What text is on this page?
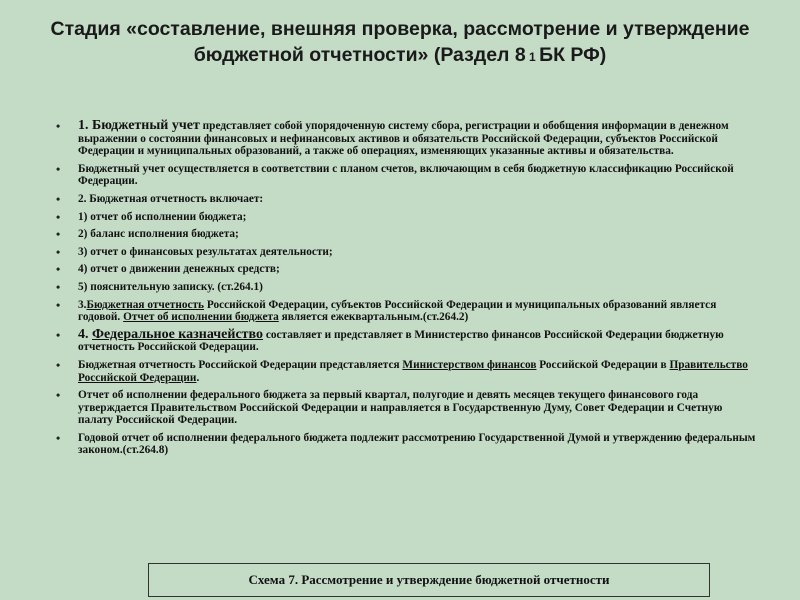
Стадия «составление, внешняя проверка, рассмотрение и утверждение бюджетной отчетности» (Раздел 8 1 БК РФ)
• 1. Бюджетный учет представляет собой упорядоченную систему сбора, регистрации и обобщения информации в денежном выражении о состоянии финансовых и нефинансовых активов и обязательств Российской Федерации, субъектов Российской Федерации и муниципальных образований, а также об операциях, изменяющих указанные активы и обязательства.
• Бюджетный учет осуществляется в соответствии с планом счетов, включающим в себя бюджетную классификацию Российской Федерации.
• 2. Бюджетная отчетность включает:
• 1) отчет об исполнении бюджета;
• 2) баланс исполнения бюджета;
• 3) отчет о финансовых результатах деятельности;
• 4) отчет о движении денежных средств;
• 5) пояснительную записку. (ст.264.1)
• 3.Бюджетная отчетность Российской Федерации, субъектов Российской Федерации и муниципальных образований является годовой. Отчет об исполнении бюджета является ежеквартальным.(ст.264.2)
• 4. Федеральное казначейство составляет и представляет в Министерство финансов Российской Федерации бюджетную отчетность Российской Федерации.
• Бюджетная отчетность Российской Федерации представляется Министерством финансов Российской Федерации в Правительство Российской Федерации.
• Отчет об исполнении федерального бюджета за первый квартал, полугодие и девять месяцев текущего финансового года утверждается Правительством Российской Федерации и направляется в Государственную Думу, Совет Федерации и Счетную палату Российской Федерации.
• Годовой отчет об исполнении федерального бюджета подлежит рассмотрению Государственной Думой и утверждению федеральным законом.(ст.264.8)
Схема 7. Рассмотрение и утверждение бюджетной отчетности
